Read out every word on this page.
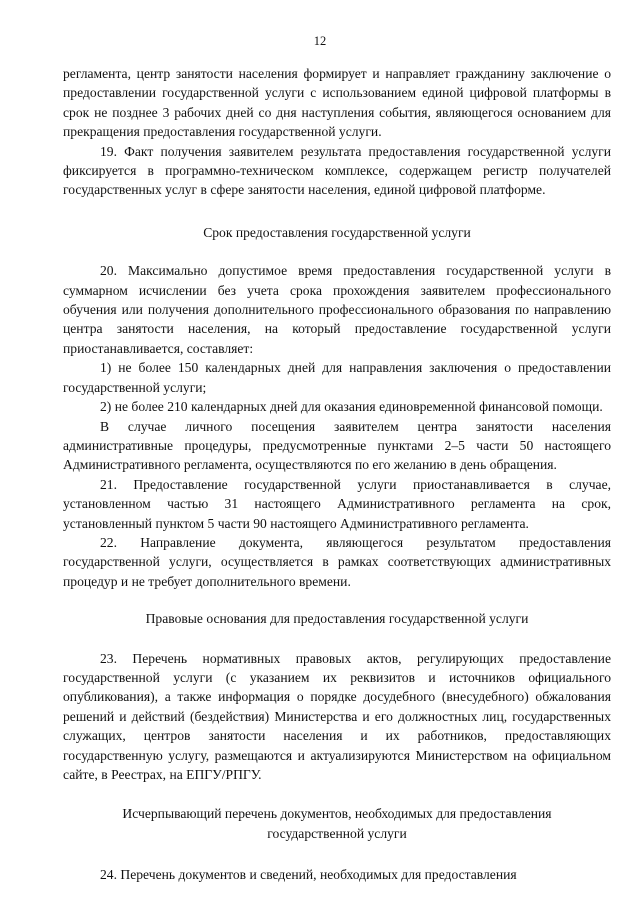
12

регламента, центр занятости населения формирует и направляет гражданину заключение о предоставлении государственной услуги с использованием единой цифровой платформы в срок не позднее 3 рабочих дней со дня наступления события, являющегося основанием для прекращения предоставления государственной услуги.

19. Факт получения заявителем результата предоставления государственной услуги фиксируется в программно-техническом комплексе, содержащем регистр получателей государственных услуг в сфере занятости населения, единой цифровой платформе.

Срок предоставления государственной услуги

20. Максимально допустимое время предоставления государственной услуги в суммарном исчислении без учета срока прохождения заявителем профессионального обучения или получения дополнительного профессионального образования по направлению центра занятости населения, на который предоставление государственной услуги приостанавливается, составляет:

1) не более 150 календарных дней для направления заключения о предоставлении государственной услуги;

2) не более 210 календарных дней для оказания единовременной финансовой помощи.

В случае личного посещения заявителем центра занятости населения административные процедуры, предусмотренные пунктами 2–5 части 50 настоящего Административного регламента, осуществляются по его желанию в день обращения.

21. Предоставление государственной услуги приостанавливается в случае, установленном частью 31 настоящего Административного регламента на срок, установленный пунктом 5 части 90 настоящего Административного регламента.

22. Направление документа, являющегося результатом предоставления государственной услуги, осуществляется в рамках соответствующих административных процедур и не требует дополнительного времени.

Правовые основания для предоставления государственной услуги

23. Перечень нормативных правовых актов, регулирующих предоставление государственной услуги (с указанием их реквизитов и источников официального опубликования), а также информация о порядке досудебного (внесудебного) обжалования решений и действий (бездействия) Министерства и его должностных лиц, государственных служащих, центров занятости населения и их работников, предоставляющих государственную услугу, размещаются и актуализируются Министерством на официальном сайте, в Реестрах, на ЕПГУ/РПГУ.

Исчерпывающий перечень документов, необходимых для предоставления государственной услуги

24. Перечень документов и сведений, необходимых для предоставления
